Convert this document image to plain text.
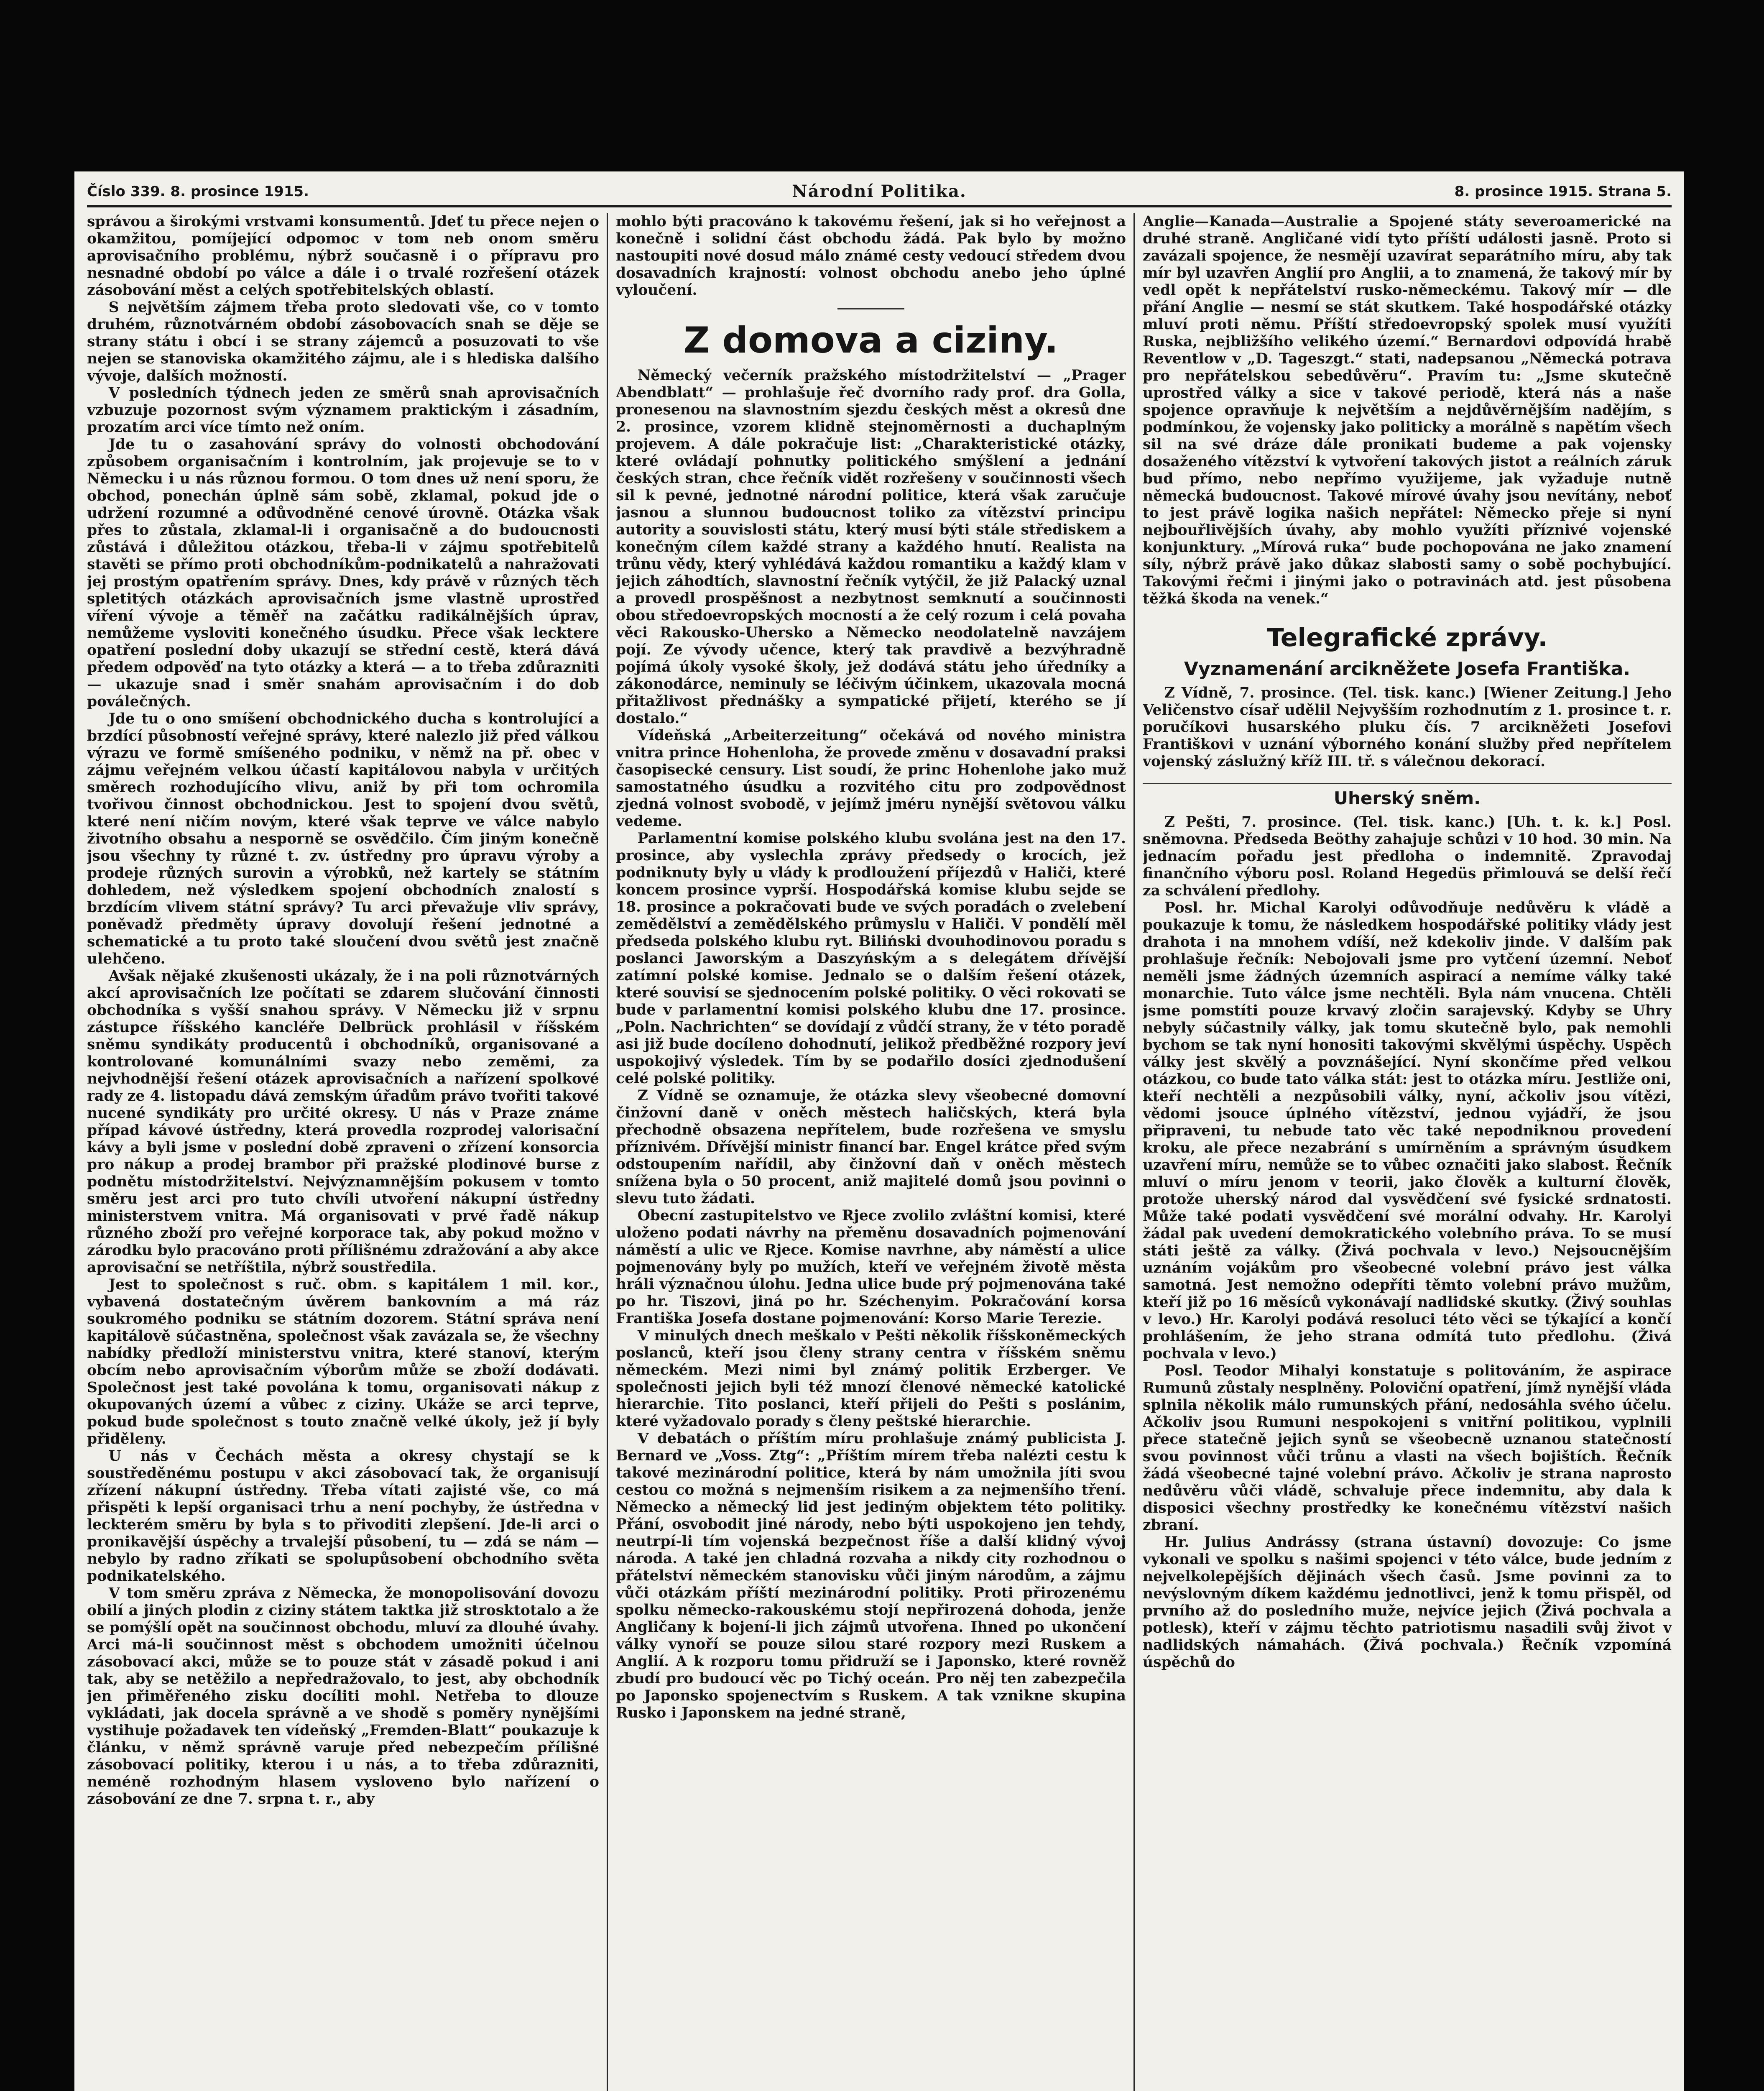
Číslo 339. 8. prosince 1915.	Národní Politika.	8. prosince 1915. Strana 5.

správou a širokými vrstvami konsumentů. Jdeť tu přece nejen o okamžitou, pomíjející odpomoc v tom neb onom směru aprovisačního problému, nýbrž současně i o přípravu pro nesnadné období po válce a dále i o trvalé rozřešení otázek zásobování měst a celých spotřebitelských oblastí.

S největším zájmem třeba proto sledovati vše, co v tomto druhém, různotvárném období zásobovacích snah se děje se strany státu i obcí i se strany zájemců a posuzovati to vše nejen se stanoviska okamžitého zájmu, ale i s hlediska dalšího vývoje, dalších možností.

V posledních týdnech jeden ze směrů snah aprovisačních vzbuzuje pozornost svým významem praktickým i zásadním, prozatím arci více tímto než oním.

Jde tu o zasahování správy do volnosti obchodování způsobem organisačním i kontrolním, jak projevuje se to v Německu i u nás různou formou. O tom dnes už není sporu, že obchod, ponechán úplně sám sobě, zklamal, pokud jde o udržení rozumné a odůvodněné cenové úrovně. Otázka však přes to zůstala, zklamal-li i organisačně a do budoucnosti zůstává i důležitou otázkou, třeba-li v zájmu spotřebitelů stavěti se přímo proti obchodníkům-podnikatelů a nahražovati jej prostým opatřením správy. Dnes, kdy právě v různých těch spletitých otázkách aprovisačních jsme vlastně uprostřed víření vývoje a těměř na začátku radikálnějších úprav, nemůžeme vysloviti konečného úsudku. Přece však lecktere opatření poslední doby ukazují se střední cestě, která dává předem odpověď na tyto otázky a která — a to třeba zdůrazniti — ukazuje snad i směr snahám aprovisačním i do dob poválečných.

Jde tu o ono smíšení obchodnického ducha s kontrolující a brzdící působností veřejné správy, které nalezlo již před válkou výrazu ve formě smíšeného podniku, v němž na př. obec v zájmu veřejném velkou účastí kapitálovou nabyla v určitých směrech rozhodujícího vlivu, aniž by při tom ochromila tvořivou činnost obchodnickou. Jest to spojení dvou světů, které není ničím novým, které však teprve ve válce nabylo životního obsahu a nesporně se osvědčilo. Čím jiným konečně jsou všechny ty různé t. zv. ústředny pro úpravu výroby a prodeje různých surovin a výrobků, než kartely se státním dohledem, než výsledkem spojení obchodních znalostí s brzdícím vlivem státní správy? Tu arci převažuje vliv správy, poněvadž předměty úpravy dovolují řešení jednotné a schematické a tu proto také sloučení dvou světů jest značně ulehčeno.

Avšak nějaké zkušenosti ukázaly, že i na poli různotvárných akcí aprovisačních lze počítati se zdarem slučování činnosti obchodníka s vyšší snahou správy. V Německu již v srpnu zástupce říšského kancléře Delbrück prohlásil v říšském sněmu syndikáty producentů i obchodníků, organisované a kontrolované komunálními svazy nebo zeměmi, za nejvhodnější řešení otázek aprovisačních a nařízení spolkové rady ze 4. listopadu dává zemským úřadům právo tvořiti takové nucené syndikáty pro určité okresy. U nás v Praze známe případ kávové ústředny, která provedla rozprodej valorisační kávy a byli jsme v poslední době zpraveni o zřízení konsorcia pro nákup a prodej brambor při pražské plodinové burse z podnětu místodržitelství. Nejvýznamnějším pokusem v tomto směru jest arci pro tuto chvíli utvoření nákupní ústředny ministerstvem vnitra. Má organisovati v prvé řadě nákup různého zboží pro veřejné korporace tak, aby pokud možno v zárodku bylo pracováno proti přílišnému zdražování a aby akce aprovisační se netříštila, nýbrž soustředila.

Jest to společnost s ruč. obm. s kapitálem 1 mil. kor., vybavená dostatečným úvěrem bankovním a má ráz soukromého podniku se státním dozorem. Státní správa není kapitálově súčastněna, společnost však zavázala se, že všechny nabídky předloží ministerstvu vnitra, které stanoví, kterým obcím nebo aprovisačním výborům může se zboží dodávati. Společnost jest také povolána k tomu, organisovati nákup z okupovaných území a vůbec z ciziny. Ukáže se arci teprve, pokud bude společnost s touto značně velké úkoly, jež jí byly přiděleny.

U nás v Čechách města a okresy chystají se k soustředěnému postupu v akci zásobovací tak, že organisují zřízení nákupní ústředny. Třeba vítati zajisté vše, co má přispěti k lepší organisaci trhu a není pochyby, že ústředna v leckterém směru by byla s to přivoditi zlepšení. Jde-li arci o pronikavější úspěchy a trvalejší působení, tu — zdá se nám — nebylo by radno zříkati se spolupůsobení obchodního světa podnikatelského.

V tom směru zpráva z Německa, že monopolisování dovozu obilí a jiných plodin z ciziny státem taktka již strosktotalo a že se pomýšlí opět na součinnost obchodu, mluví za dlouhé úvahy. Arci má-li součinnost měst s obchodem umožniti účelnou zásobovací akci, může se to pouze stát v zásadě pokud i ani tak, aby se netěžilo a nepředražovalo, to jest, aby obchodník jen přiměřeného zisku docíliti mohl. Netřeba to dlouze vykládati, jak docela správně a ve shodě s poměry nynějšími vystihuje požadavek ten vídeňský „Fremden-Blatt“ poukazuje k článku, v němž správně varuje před nebezpečím přílišné zásobovací politiky, kterou i u nás, a to třeba zdůrazniti, neméně rozhodným hlasem vysloveno bylo nařízení o zásobování ze dne 7. srpna t. r., aby

mohlo býti pracováno k takovému řešení, jak si ho veřejnost a konečně i solidní část obchodu žádá. Pak bylo by možno nastoupiti nové dosud málo známé cesty vedoucí středem dvou dosavadních krajností: volnost obchodu anebo jeho úplné vyloučení.

Z domova a ciziny.

Německý večerník pražského místodržitelství — „Prager Abendblatt“ — prohlašuje řeč dvorního rady prof. dra Golla, pronesenou na slavnostním sjezdu českých měst a okresů dne 2. prosince, vzorem klidně stejnoměrnosti a duchaplným projevem. A dále pokračuje list: „Charakteristické otázky, které ovládají pohnutky politického smýšlení a jednání českých stran, chce řečník vidět rozřešeny v součinnosti všech sil k pevné, jednotné národní politice, která však zaručuje jasnou a slunnou budoucnost toliko za vítězství principu autority a souvislosti státu, který musí býti stále střediskem a konečným cílem každé strany a každého hnutí. Realista na trůnu vědy, který vyhlédává každou romantiku a každý klam v jejich záhodtích, slavnostní řečník vytýčil, že již Palacký uznal a provedl prospěšnost a nezbytnost semknutí a součinnosti obou středoevropských mocností a že celý rozum i celá povaha věci Rakousko-Uhersko a Německo neodolatelně navzájem pojí. Ze vývody učence, který tak pravdivě a bezvýhradně pojímá úkoly vysoké školy, jež dodává státu jeho úředníky a zákonodárce, neminuly se léčivým účinkem, ukazovala mocná přitažlivost přednášky a sympatické přijetí, kterého se jí dostalo.“

Vídeňská „Arbeiterzeitung“ očekává od nového ministra vnitra prince Hohenloha, že provede změnu v dosavadní praksi časopisecké censury. List soudí, že princ Hohenlohe jako muž samostatného úsudku a rozvitého citu pro zodpovědnost zjedná volnost svobodě, v jejímž jméru nynější světovou válku vedeme.

Parlamentní komise polského klubu svolána jest na den 17. prosince, aby vyslechla zprávy předsedy o krocích, jež podniknuty byly u vlády k prodloužení příjezdů v Haliči, které koncem prosince vyprší. Hospodářská komise klubu sejde se 18. prosince a pokračovati bude ve svých poradách o zvelebení zemědělství a zemědělského průmyslu v Haliči. V pondělí měl předseda polského klubu ryt. Biliński dvouhodinovou poradu s poslanci Jaworským a Daszyńským a s delegátem dřívější zatímní polské komise. Jednalo se o dalším řešení otázek, které souvisí se sjednocením polské politiky. O věci rokovati se bude v parlamentní komisi polského klubu dne 17. prosince. „Poln. Nachrichten“ se dovídají z vůdčí strany, že v této poradě asi již bude docíleno dohodnutí, jelikož předběžné rozpory jeví uspokojivý výsledek. Tím by se podařilo dosíci zjednodušení celé polské politiky.

Z Vídně se oznamuje, že otázka slevy všeobecné domovní činžovní daně v oněch městech haličských, která byla přechodně obsazena nepřítelem, bude rozřešena ve smyslu příznivém. Dřívější ministr financí bar. Engel krátce před svým odstoupením nařídil, aby činžovní daň v oněch městech snížena byla o 50 procent, aniž majitelé domů jsou povinni o slevu tuto žádati.

Obecní zastupitelstvo ve Rjece zvolilo zvláštní komisi, které uloženo podati návrhy na přeměnu dosavadních pojmenování náměstí a ulic ve Rjece. Komise navrhne, aby náměstí a ulice pojmenovány byly po mužích, kteří ve veřejném životě města hráli význačnou úlohu. Jedna ulice bude prý pojmenována také po hr. Tiszovi, jiná po hr. Széchenyim. Pokračování korsa Františka Josefa dostane pojmenování: Korso Marie Terezie.

V minulých dnech meškalo v Pešti několik říšskoněmeckých poslanců, kteří jsou členy strany centra v říšském sněmu německém. Mezi nimi byl známý politik Erzberger. Ve společnosti jejich byli též mnozí členové německé katolické hierarchie. Tito poslanci, kteří přijeli do Pešti s poslánim, které vyžadovalo porady s členy peštské hierarchie.

V debatách o příštím míru prohlašuje známý publicista J. Bernard ve „Voss. Ztg“: „Příštím mírem třeba nalézti cestu k takové mezinárodní politice, která by nám umožnila jíti svou cestou co možná s nejmenším risikem a za nejmenšího tření. Německo a německý lid jest jediným objektem této politiky. Přání, osvobodit jiné národy, nebo býti uspokojeno jen tehdy, neutrpí-li tím vojenská bezpečnost říše a další klidný vývoj národa. A také jen chladná rozvaha a nikdy city rozhodnou o přátelství německém stanovisku vůči jiným národům, a zájmu vůči otázkám příští mezinárodní politiky. Proti přirozenému spolku německo-rakouskému stojí nepřirozená dohoda, jenže Angličany k bojení-li jich zájmů utvořena. Ihned po ukončení války vynoří se pouze silou staré rozpory mezi Ruskem a Anglií. A k rozporu tomu přidruží se i Japonsko, které rovněž zbudí pro budoucí věc po Tichý oceán. Pro něj ten zabezpečila po Japonsko spojenectvím s Ruskem. A tak vznikne skupina Rusko i Japonskem na jedné straně,

Anglie—Kanada—Australie a Spojené státy severoamerické na druhé straně. Angličané vidí tyto příští události jasně. Proto si zavázali spojence, že nesmějí uzavírat separátního míru, aby tak mír byl uzavřen Anglií pro Anglii, a to znamená, že takový mír by vedl opět k nepřátelství rusko-německému. Takový mír — dle přání Anglie — nesmí se stát skutkem. Také hospodářské otázky mluví proti němu. Příští středoevropský spolek musí využíti Ruska, nejbližšího velikého území.“ Bernardovi odpovídá hrabě Reventlow v „D. Tageszgt.“ stati, nadepsanou „Německá potrava pro nepřátelskou sebedůvěru“. Pravím tu: „Jsme skutečně uprostřed války a sice v takové periodě, která nás a naše spojence opravňuje k největším a nejdůvěrnějším nadějím, s podmínkou, že vojensky jako politicky a morálně s napětím všech sil na své dráze dále pronikati budeme a pak vojensky dosaženého vítězství k vytvoření takových jistot a reálních záruk bud přímo, nebo nepřímo využijeme, jak vyžaduje nutně německá budoucnost. Takové mírové úvahy jsou nevítány, neboť to jest právě logika našich nepřátel: Německo přeje si nyní nejbouřlivějších úvahy, aby mohlo využíti příznivé vojenské konjunktury. „Mírová ruka“ bude pochopována ne jako znamení síly, nýbrž právě jako důkaz slabosti samy o sobě pochybující. Takovými řečmi i jinými jako o potravinách atd. jest působena těžká škoda na venek.“

Telegrafické zprávy.
Vyznamenání arcikněžete Josefa Františka.

Z Vídně, 7. prosince. (Tel. tisk. kanc.) [Wiener Zeitung.] Jeho Veličenstvo císař udělil Nejvyšším rozhodnutím z 1. prosince t. r. poručíkovi husarského pluku čís. 7 arcikněžeti Josefovi Františkovi v uznání výborného konání služby před nepřítelem vojenský záslužný kříž III. tř. s válečnou dekorací.

Uherský sněm.

Z Pešti, 7. prosince. (Tel. tisk. kanc.) [Uh. t. k. k.] Posl. sněmovna. Předseda Beöthy zahajuje schůzi v 10 hod. 30 min. Na jednacím pořadu jest předloha o indemnitě. Zpravodaj finančního výboru posl. Roland Hegedüs přimlouvá se delší řečí za schválení předlohy.

Posl. hr. Michal Karolyi odůvodňuje nedůvěru k vládě a poukazuje k tomu, že následkem hospodářské politiky vlády jest drahota i na mnohem vdíší, než kdekoliv jinde. V dalším pak prohlašuje řečník: Nebojovali jsme pro vytčení územní. Neboť neměli jsme žádných územních aspirací a nemíme války také monarchie. Tuto válce jsme nechtěli. Byla nám vnucena. Chtěli jsme pomstíti pouze krvavý zločin sarajevský. Kdyby se Uhry nebyly súčastnily války, jak tomu skutečně bylo, pak nemohli bychom se tak nyní honositi takovými skvělými úspěchy. Uspěch války jest skvělý a povznášející. Nyní skončíme před velkou otázkou, co bude tato válka stát: jest to otázka míru. Jestliže oni, kteří nechtěli a nezpůsobili války, nyní, ačkoliv jsou vítězi, vědomi jsouce úplného vítězství, jednou vyjádří, že jsou připraveni, tu nebude tato věc také nepodniknou provedení kroku, ale přece nezabrání s umírněním a správným úsudkem uzavření míru, nemůže se to vůbec označiti jako slabost. Řečník mluví o míru jenom v teorii, jako člověk a kulturní člověk, protože uherský národ dal vysvědčení své fysické srdnatosti. Může také podati vysvědčení své morální odvahy. Hr. Karolyi žádal pak uvedení demokratického volebního práva. To se musí státi ještě za války. (Živá pochvala v levo.) Nejsoucnějším uznáním vojákům pro všeobecné volební právo jest válka samotná. Jest nemožno odepříti těmto volební právo mužům, kteří již po 16 měsíců vykonávají nadlidské skutky. (Živý souhlas v levo.) Hr. Karolyi podává resoluci této věci se týkající a končí prohlášením, že jeho strana odmítá tuto předlohu. (Živá pochvala v levo.)

Posl. Teodor Mihalyi konstatuje s politováním, že aspirace Rumunů zůstaly nesplněny. Poloviční opatření, jímž nynější vláda splnila několik málo rumunských přání, nedosáhla svého účelu. Ačkoliv jsou Rumuni nespokojeni s vnitřní politikou, vyplnili přece statečně jejich synů se všeobecně uznanou statečností svou povinnost vůči trůnu a vlasti na všech bojištích. Řečník žádá všeobecné tajné volební právo. Ačkoliv je strana naprosto nedůvěru vůči vládě, schvaluje přece indemnitu, aby dala k disposici všechny prostředky ke konečnému vítězství našich zbraní.

Hr. Julius Andrássy (strana ústavní) dovozuje: Co jsme vykonali ve spolku s našimi spojenci v této válce, bude jedním z nejvelkolepějších dějinách všech časů. Jsme povinni za to nevýslovným díkem každému jednotlivci, jenž k tomu přispěl, od prvního až do posledního muže, nejvíce jejich (Živá pochvala a potlesk), kteří v zájmu těchto patriotismu nasadili svůj život v nadlidských námahách. (Živá pochvala.) Řečník vzpomíná úspěchů do
